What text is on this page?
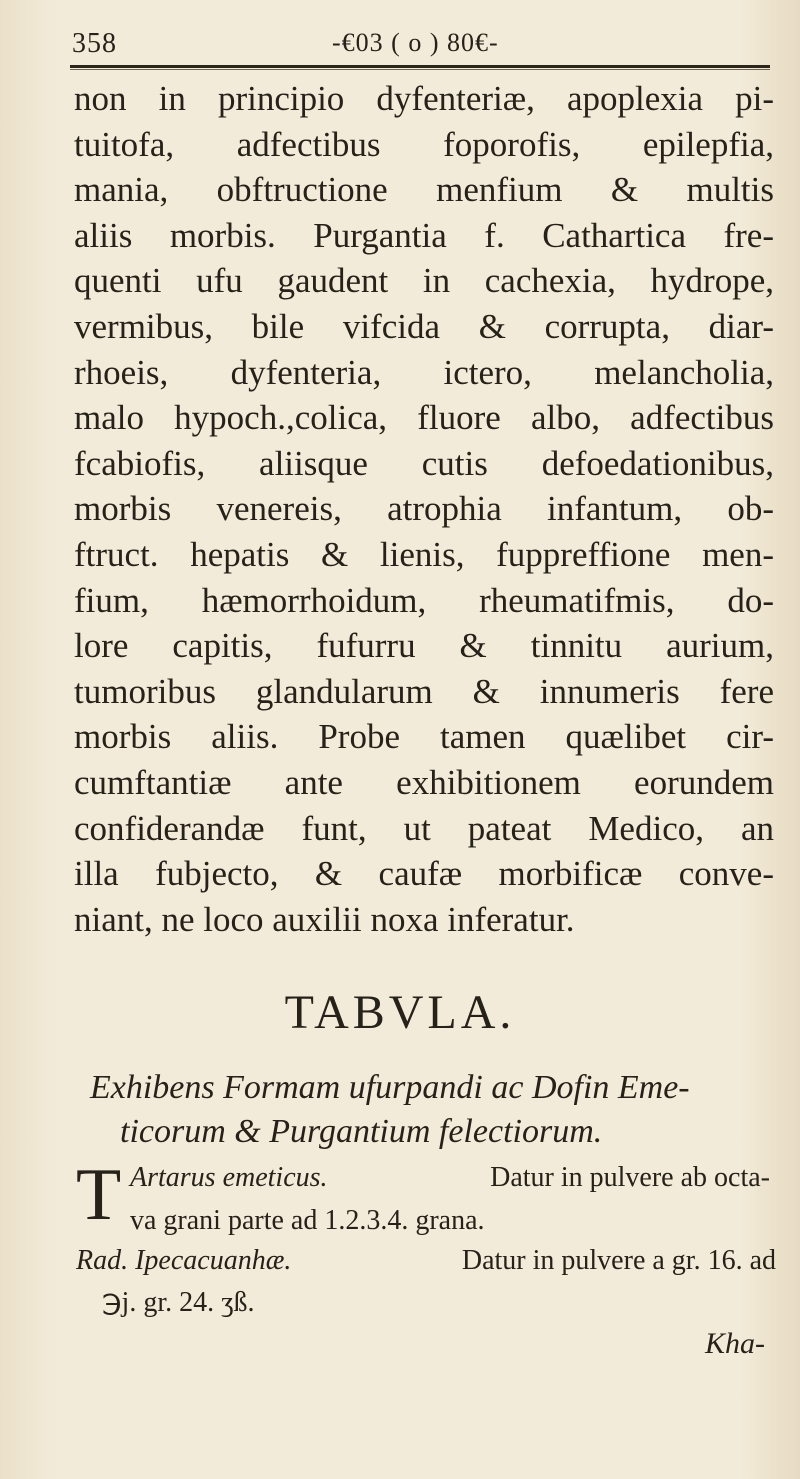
358	-€03 ( o ) 80€-
non in principio dyfenteriæ, apoplexia pi-
tuitofa, adfectibus foporofis, epilepfia,
mania, obftructione menfium & multis
aliis morbis. Purgantia f. Cathartica fre-
quenti ufu gaudent in cachexia, hydrope,
vermibus, bile vifcida & corrupta, diar-
rhoeis, dyfenteria, ictero, melancholia,
malo hypoch.,colica, fluore albo, adfectibus
fcabiofis, aliisque cutis defoedationibus,
morbis venereis, atrophia infantum, ob-
ftruct. hepatis & lienis, fuppreffione men-
fium, hæmorrhoidum, rheumatifmis, do-
lore capitis, fufurru & tinnitu aurium,
tumoribus glandularum & innumeris fere
morbis aliis. Probe tamen quælibet cir-
cumftantiæ ante exhibitionem eorundem
confiderandæ funt, ut pateat Medico, an
illa fubjecto, & caufæ morbificæ conve-
niant, ne loco auxilii noxa inferatur.
TABVLA.
Exhibens Formam ufurpandi ac Dofin Eme-
ticorum & Purgantium felectiorum.
T Artarus emeticus.	Datur in pulvere ab octa-
va grani parte ad 1.2.3.4. grana.
Rad. Ipecacuanhæ.	Datur in pulvere a gr. 16. ad
℈j. gr. 24. ʒß.
Kha-
